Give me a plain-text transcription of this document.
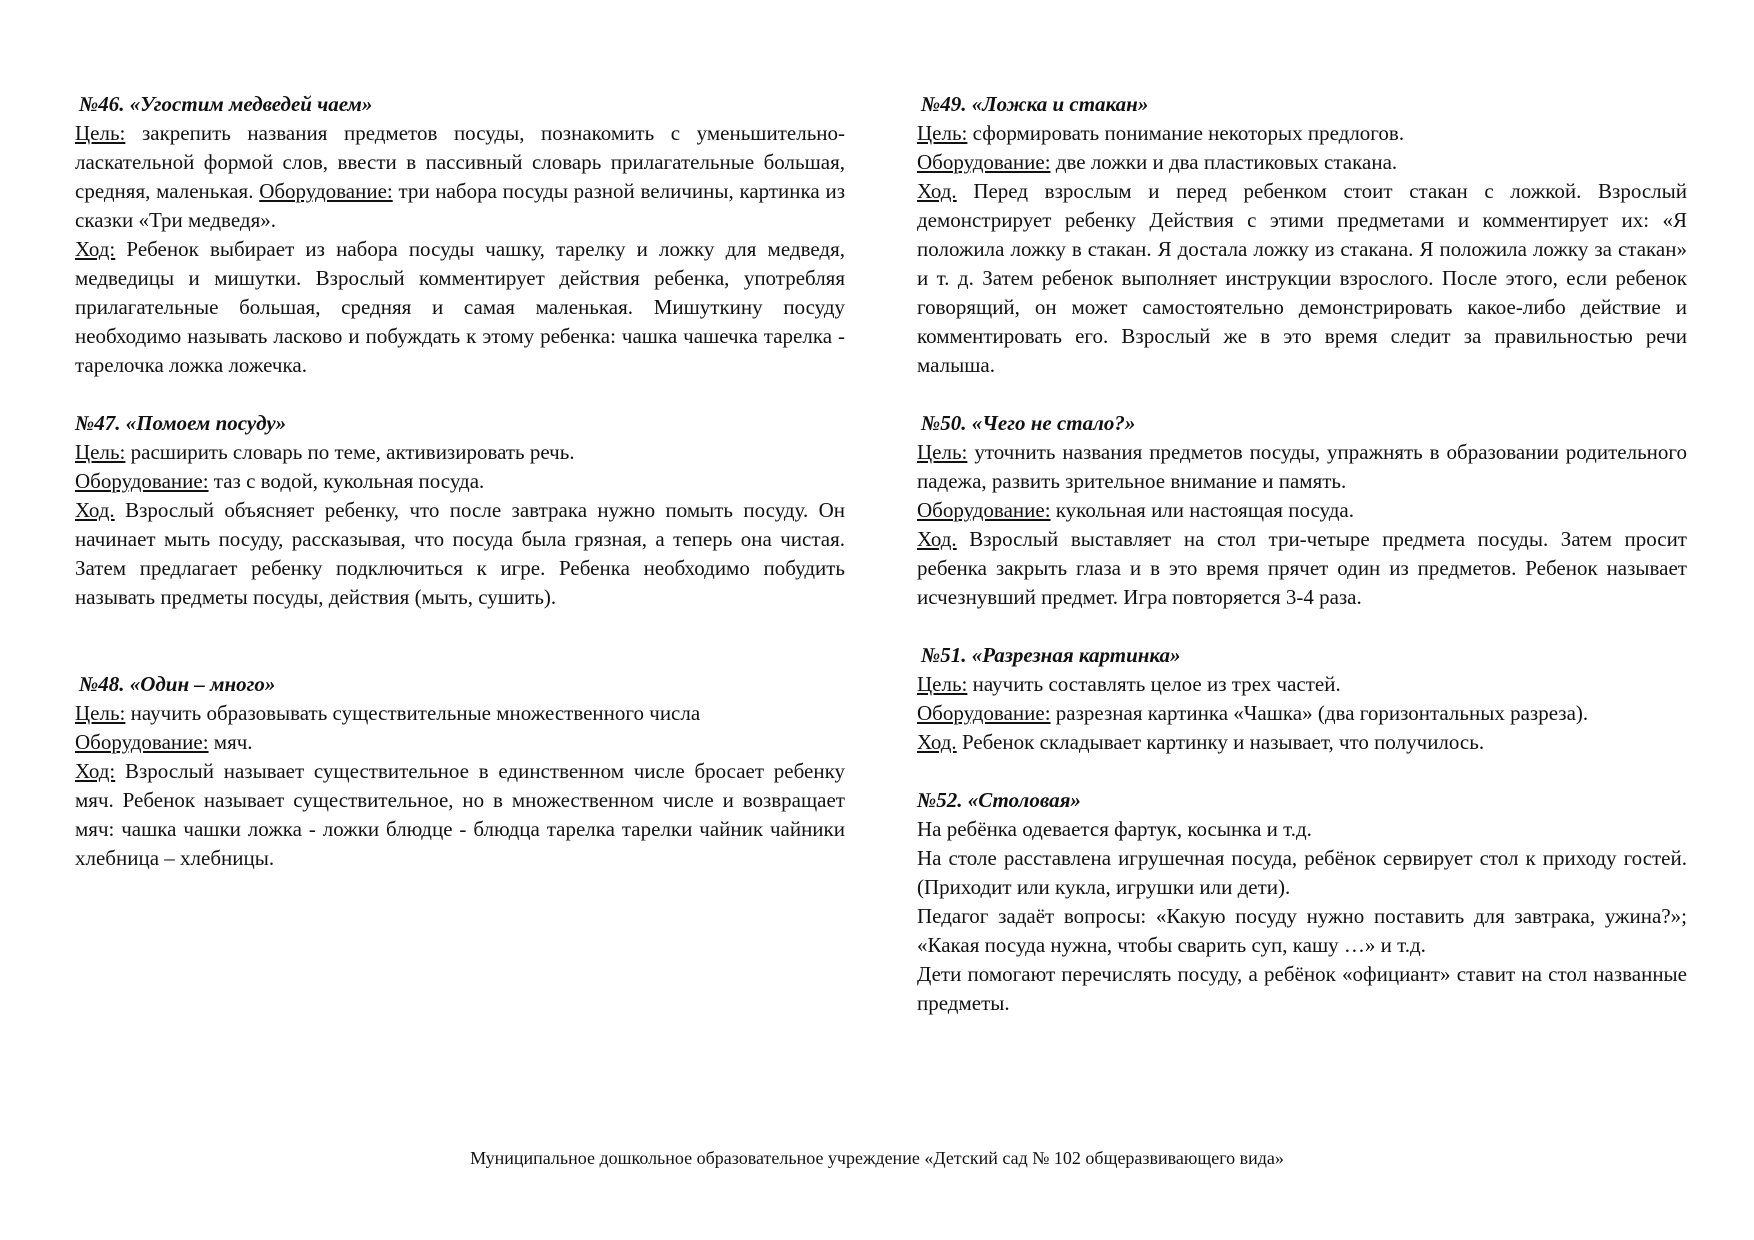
№46. «Угостим медведей чаем»

Цель: закрепить названия предметов посуды, познакомить с уменьшительно-ласкательной формой слов, ввести в пассивный словарь прилагательные большая, средняя, маленькая. Оборудование: три набора посуды разной величины, картинка из сказки «Три медведя».

Ход: Ребенок выбирает из набора посуды чашку, тарелку и ложку для медведя, медведицы и мишутки. Взрослый комментирует действия ребенка, употребляя прилагательные большая, средняя и самая маленькая. Мишуткину посуду необходимо называть ласково и побуждать к этому ребенка: чашка чашечка тарелка - тарелочка ложка ложечка.

№47. «Помоем посуду»

Цель: расширить словарь по теме, активизировать речь.

Оборудование: таз с водой, кукольная посуда.

Ход. Взрослый объясняет ребенку, что после завтрака нужно помыть посуду. Он начинает мыть посуду, рассказывая, что посуда была грязная, а теперь она чистая. Затем предлагает ребенку подключиться к игре. Ребенка необходимо побудить называть предметы посуды, действия (мыть, сушить).

№48. «Один – много»

Цель: научить образовывать существительные множественного числа

Оборудование: мяч.

Ход: Взрослый называет существительное в единственном числе бросает ребенку мяч. Ребенок называет существительное, но в множественном числе и возвращает мяч: чашка чашки ложка - ложки блюдце - блюдца тарелка тарелки чайник чайники хлебница – хлебницы.

№49. «Ложка и стакан»

Цель: сформировать понимание некоторых предлогов.

Оборудование: две ложки и два пластиковых стакана.

Ход. Перед взрослым и перед ребенком стоит стакан с ложкой. Взрослый демонстрирует ребенку Действия с этими предметами и комментирует их: «Я положила ложку в стакан. Я достала ложку из стакана. Я положила ложку за стакан» и т. д. Затем ребенок выполняет инструкции взрослого. После этого, если ребенок говорящий, он может самостоятельно демонстрировать какое-либо действие и комментировать его. Взрослый же в это время следит за правильностью речи малыша.

№50. «Чего не стало?»

Цель: уточнить названия предметов посуды, упражнять в образовании родительного падежа, развить зрительное внимание и память.

Оборудование: кукольная или настоящая посуда.

Ход. Взрослый выставляет на стол три-четыре предмета посуды. Затем просит ребенка закрыть глаза и в это время прячет один из предметов. Ребенок называет исчезнувший предмет. Игра повторяется 3-4 раза.

№51. «Разрезная картинка»

Цель: научить составлять целое из трех частей.

Оборудование: разрезная картинка «Чашка» (два горизонтальных разреза).

Ход. Ребенок складывает картинку и называет, что получилось.

№52. «Столовая»

На ребёнка одевается фартук, косынка и т.д.

На столе расставлена игрушечная посуда, ребёнок сервирует стол к приходу гостей. (Приходит или кукла, игрушки или дети).

Педагог задаёт вопросы: «Какую посуду нужно поставить для завтрака, ужина?»; «Какая посуда нужна, чтобы сварить суп, кашу …» и т.д.

Дети помогают перечислять посуду, а ребёнок «официант» ставит на стол названные предметы.

Муниципальное дошкольное образовательное учреждение «Детский сад № 102 общеразвивающего вида»
